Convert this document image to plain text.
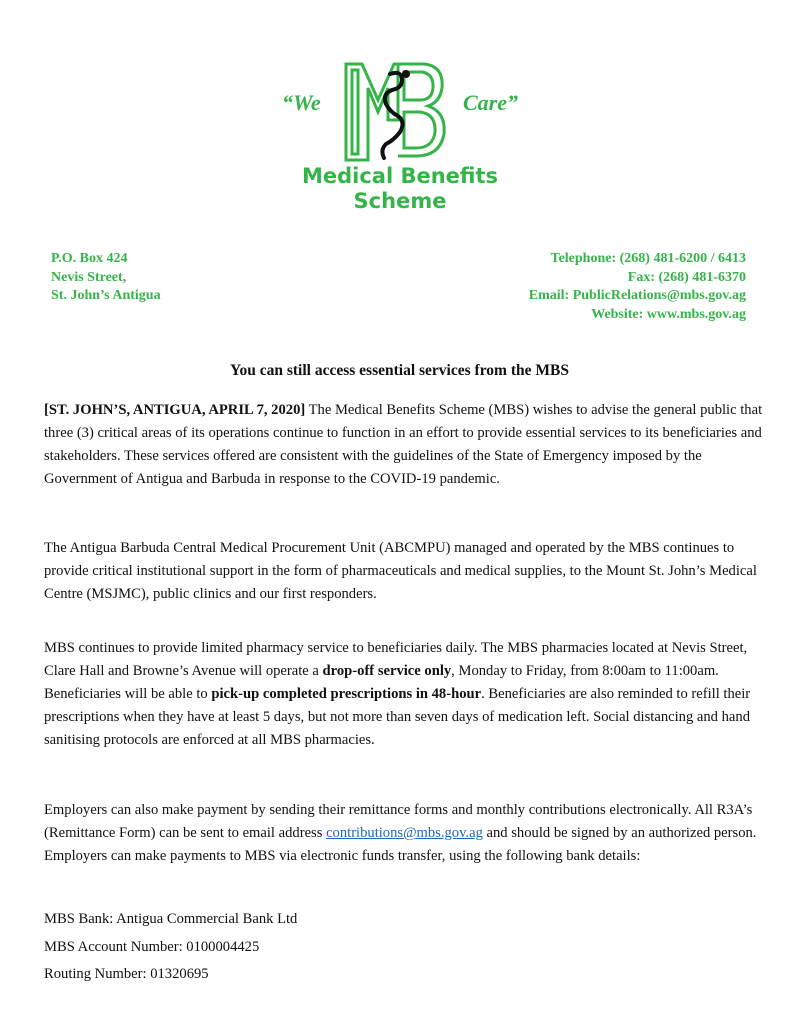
“We	Care”
Medical Benefits
Scheme
P.O. Box 424
Nevis Street,
St. John’s Antigua
Telephone: (268) 481-6200 / 6413
Fax: (268) 481-6370
Email: PublicRelations@mbs.gov.ag
Website: www.mbs.gov.ag
You can still access essential services from the MBS
[ST. JOHN’S, ANTIGUA, APRIL 7, 2020] The Medical Benefits Scheme (MBS) wishes to advise the general public that three (3) critical areas of its operations continue to function in an effort to provide essential services to its beneficiaries and stakeholders. These services offered are consistent with the guidelines of the State of Emergency imposed by the Government of Antigua and Barbuda in response to the COVID-19 pandemic.
The Antigua Barbuda Central Medical Procurement Unit (ABCMPU) managed and operated by the MBS continues to provide critical institutional support in the form of pharmaceuticals and medical supplies, to the Mount St. John’s Medical Centre (MSJMC), public clinics and our first responders.
MBS continues to provide limited pharmacy service to beneficiaries daily. The MBS pharmacies located at Nevis Street, Clare Hall and Browne’s Avenue will operate a drop-off service only, Monday to Friday, from 8:00am to 11:00am. Beneficiaries will be able to pick-up completed prescriptions in 48-hour. Beneficiaries are also reminded to refill their prescriptions when they have at least 5 days, but not more than seven days of medication left. Social distancing and hand sanitising protocols are enforced at all MBS pharmacies.
Employers can also make payment by sending their remittance forms and monthly contributions electronically. All R3A’s (Remittance Form) can be sent to email address contributions@mbs.gov.ag and should be signed by an authorized person. Employers can make payments to MBS via electronic funds transfer, using the following bank details:
MBS Bank: Antigua Commercial Bank Ltd
MBS Account Number: 0100004425
Routing Number: 01320695
